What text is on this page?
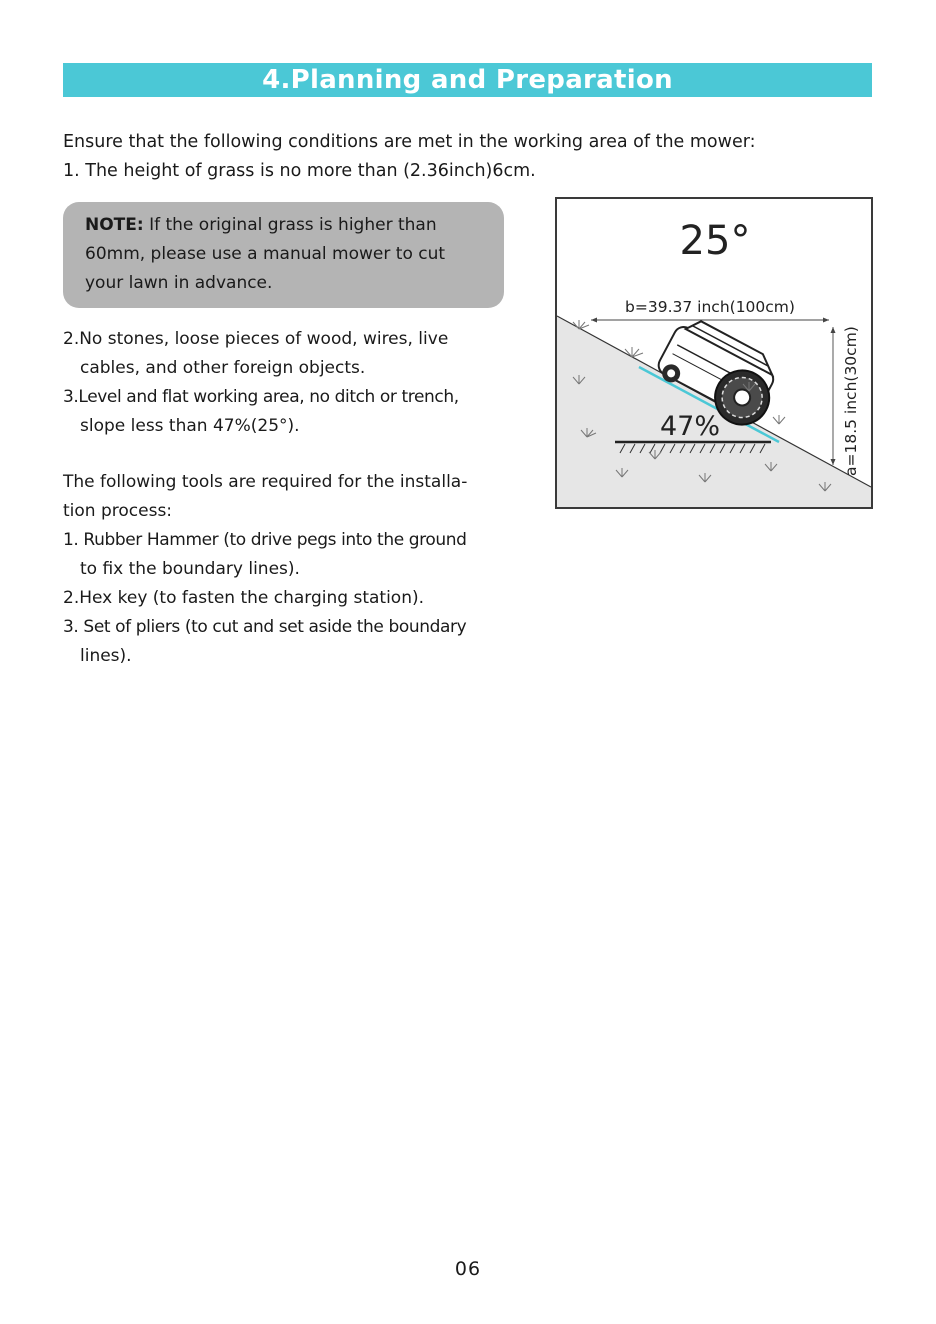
4.Planning and Preparation

Ensure that the following conditions are met in the working area of the mower:

1. The height of grass is no more than (2.36inch)6cm.

NOTE: If the original grass is higher than

60mm, please use a manual mower to cut

your lawn in advance.

2.No stones, loose pieces of wood, wires, live

cables, and other foreign objects.

3.Level and flat working area, no ditch or trench,

slope less than 47%(25°).

The following tools are required for the installa-

tion process:

1. Rubber Hammer (to drive pegs into the ground

to fix the boundary lines).

2.Hex key (to fasten the charging station).

3. Set of pliers (to cut and set aside the boundary

lines).

25°
b=39.37 inch(100cm)
a=18.5 inch(30cm)
47%
06
